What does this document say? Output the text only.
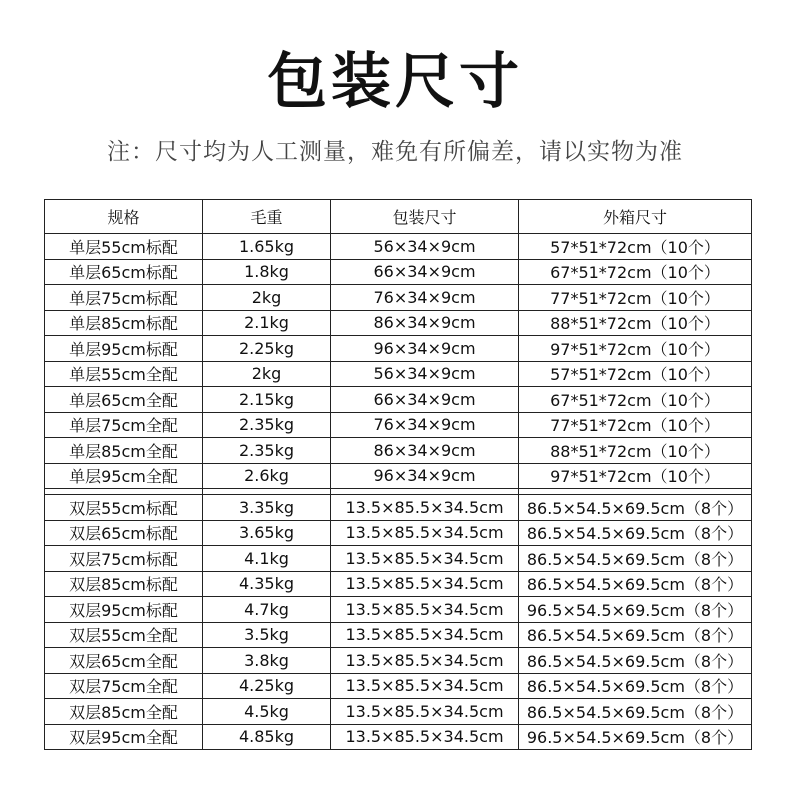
包装尺寸
注：尺寸均为人工测量，难免有所偏差，请以实物为准
规格	毛重	包装尺寸	外箱尺寸
单层55cm标配	1.65kg	56×34×9cm	57*51*72cm（10个）
单层65cm标配	1.8kg	66×34×9cm	67*51*72cm（10个）
单层75cm标配	2kg	76×34×9cm	77*51*72cm（10个）
单层85cm标配	2.1kg	86×34×9cm	88*51*72cm（10个）
单层95cm标配	2.25kg	96×34×9cm	97*51*72cm（10个）
单层55cm全配	2kg	56×34×9cm	57*51*72cm（10个）
单层65cm全配	2.15kg	66×34×9cm	67*51*72cm（10个）
单层75cm全配	2.35kg	76×34×9cm	77*51*72cm（10个）
单层85cm全配	2.35kg	86×34×9cm	88*51*72cm（10个）
单层95cm全配	2.6kg	96×34×9cm	97*51*72cm（10个）

双层55cm标配	3.35kg	13.5×85.5×34.5cm	86.5×54.5×69.5cm（8个）
双层65cm标配	3.65kg	13.5×85.5×34.5cm	86.5×54.5×69.5cm（8个）
双层75cm标配	4.1kg	13.5×85.5×34.5cm	86.5×54.5×69.5cm（8个）
双层85cm标配	4.35kg	13.5×85.5×34.5cm	86.5×54.5×69.5cm（8个）
双层95cm标配	4.7kg	13.5×85.5×34.5cm	96.5×54.5×69.5cm（8个）
双层55cm全配	3.5kg	13.5×85.5×34.5cm	86.5×54.5×69.5cm（8个）
双层65cm全配	3.8kg	13.5×85.5×34.5cm	86.5×54.5×69.5cm（8个）
双层75cm全配	4.25kg	13.5×85.5×34.5cm	86.5×54.5×69.5cm（8个）
双层85cm全配	4.5kg	13.5×85.5×34.5cm	86.5×54.5×69.5cm（8个）
双层95cm全配	4.85kg	13.5×85.5×34.5cm	96.5×54.5×69.5cm（8个）
